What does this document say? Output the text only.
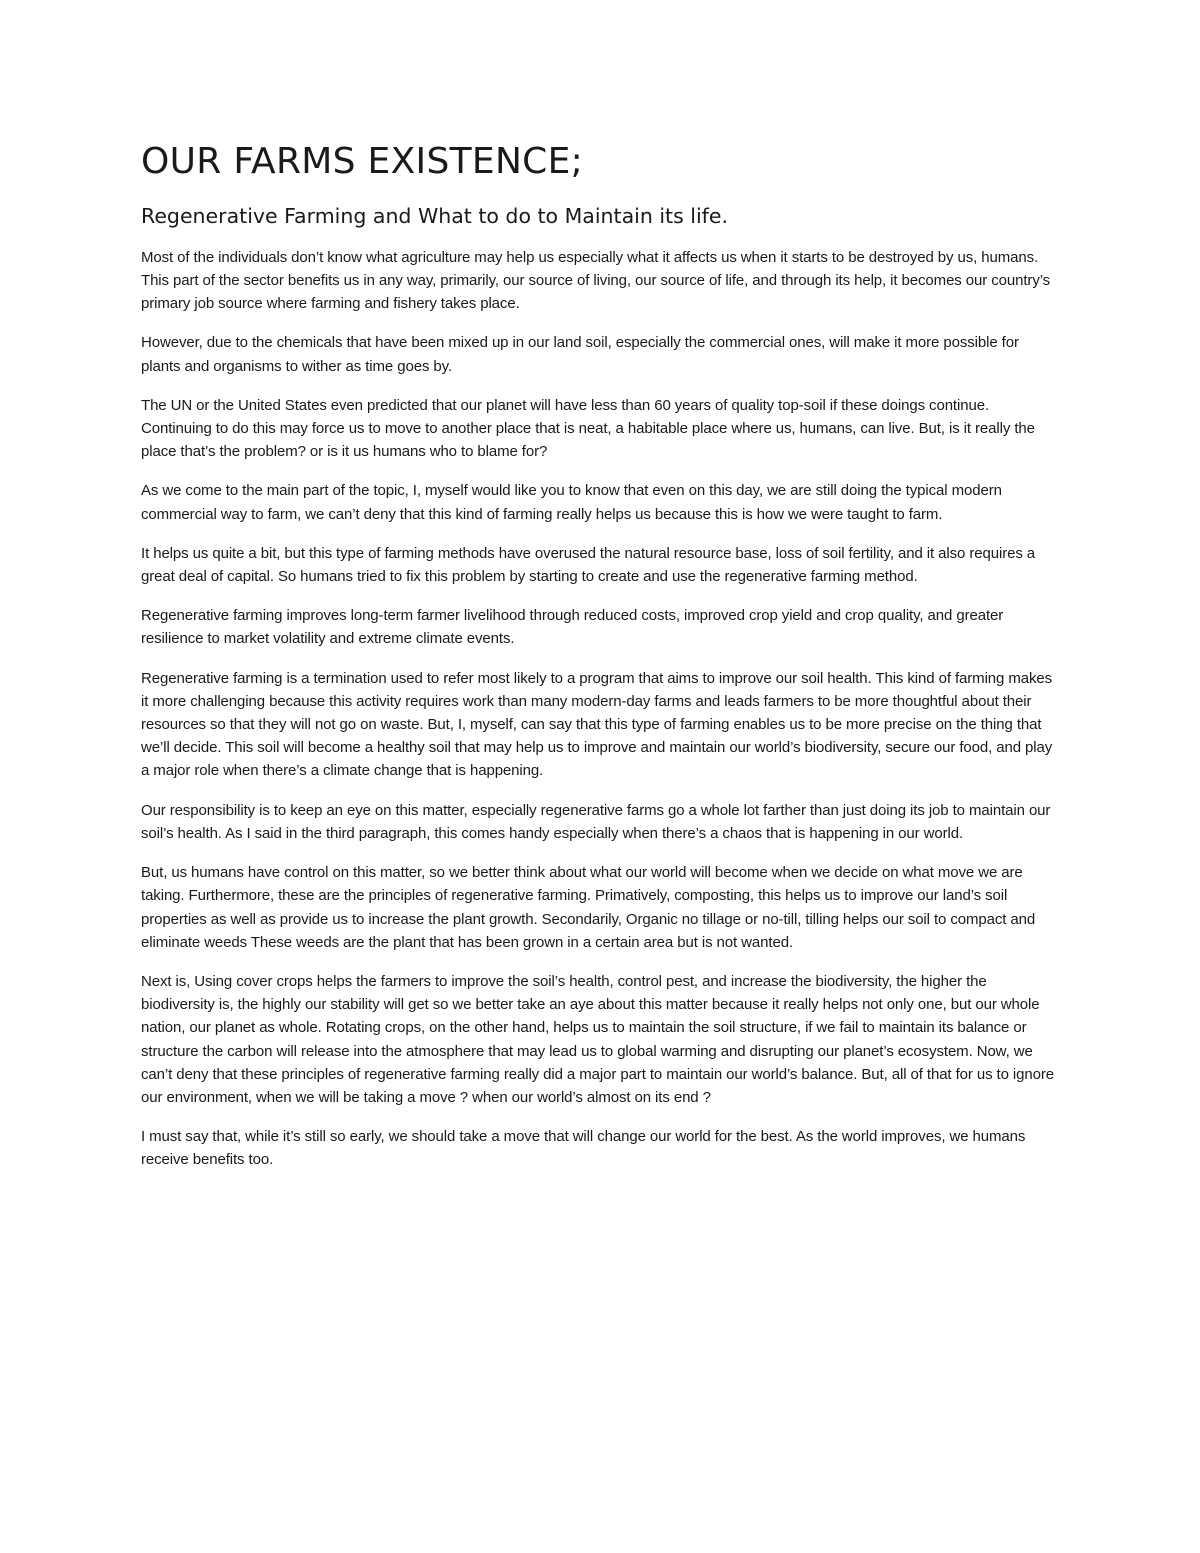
OUR FARMS EXISTENCE;
Regenerative Farming and What to do to Maintain its life.

Most of the individuals don’t know what agriculture may help us especially what it affects us when it starts to be destroyed by us, humans. This part of the sector benefits us in any way, primarily, our source of living, our source of life, and through its help, it becomes our country’s primary job source where farming and fishery takes place.

However, due to the chemicals that have been mixed up in our land soil, especially the commercial ones, will make it more possible for plants and organisms to wither as time goes by.

The UN or the United States even predicted that our planet will have less than 60 years of quality top-soil if these doings continue. Continuing to do this may force us to move to another place that is neat, a habitable place where us, humans, can live. But, is it really the place that’s the problem? or is it us humans who to blame for?

As we come to the main part of the topic, I, myself would like you to know that even on this day, we are still doing the typical modern commercial way to farm, we can’t deny that this kind of farming really helps us because this is how we were taught to farm.

It helps us quite a bit, but this type of farming methods have overused the natural resource base, loss of soil fertility, and it also requires a great deal of capital. So humans tried to fix this problem by starting to create and use the regenerative farming method.

Regenerative farming improves long-term farmer livelihood through reduced costs, improved crop yield and crop quality, and greater resilience to market volatility and extreme climate events.

Regenerative farming is a termination used to refer most likely to a program that aims to improve our soil health. This kind of farming makes it more challenging because this activity requires work than many modern-day farms and leads farmers to be more thoughtful about their resources so that they will not go on waste. But, I, myself, can say that this type of farming enables us to be more precise on the thing that we’ll decide. This soil will become a healthy soil that may help us to improve and maintain our world’s biodiversity, secure our food, and play a major role when there’s a climate change that is happening.

Our responsibility is to keep an eye on this matter, especially regenerative farms go a whole lot farther than just doing its job to maintain our soil’s health. As I said in the third paragraph, this comes handy especially when there’s a chaos that is happening in our world.

But, us humans have control on this matter, so we better think about what our world will become when we decide on what move we are taking. Furthermore, these are the principles of regenerative farming. Primatively, composting, this helps us to improve our land’s soil properties as well as provide us to increase the plant growth. Secondarily, Organic no tillage or no-till, tilling helps our soil to compact and eliminate weeds These weeds are the plant that has been grown in a certain area but is not wanted.

Next is, Using cover crops helps the farmers to improve the soil’s health, control pest, and increase the biodiversity, the higher the biodiversity is, the highly our stability will get so we better take an aye about this matter because it really helps not only one, but our whole nation, our planet as whole. Rotating crops, on the other hand, helps us to maintain the soil structure, if we fail to maintain its balance or structure the carbon will release into the atmosphere that may lead us to global warming and disrupting our planet’s ecosystem. Now, we can’t deny that these principles of regenerative farming really did a major part to maintain our world’s balance. But, all of that for us to ignore our environment, when we will be taking a move ? when our world’s almost on its end ?

I must say that, while it’s still so early, we should take a move that will change our world for the best. As the world improves, we humans receive benefits too.
